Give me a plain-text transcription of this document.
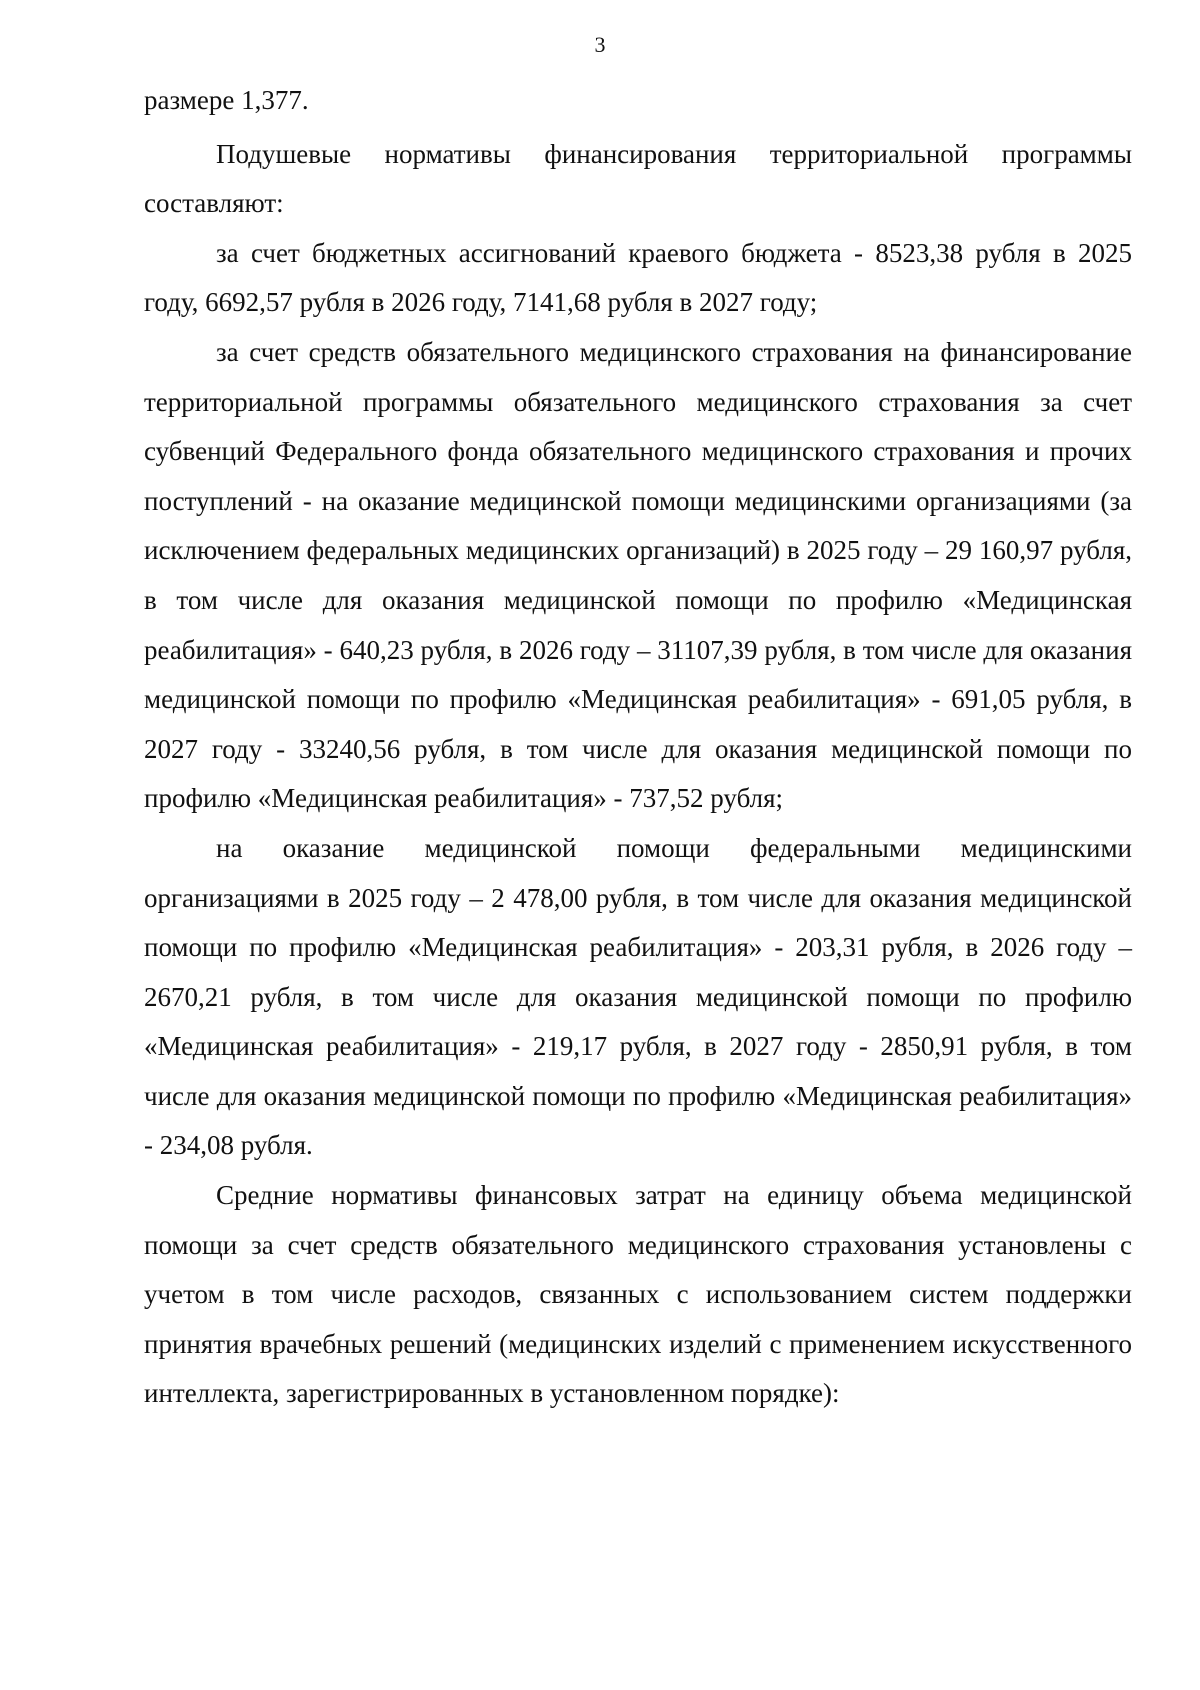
3

размере 1,377.

Подушевые нормативы финансирования территориальной программы составляют:

за счет бюджетных ассигнований краевого бюджета - 8523,38 рубля в 2025 году, 6692,57 рубля в 2026 году, 7141,68 рубля в 2027 году;

за счет средств обязательного медицинского страхования на финансирование территориальной программы обязательного медицинского страхования за счет субвенций Федерального фонда обязательного медицинского страхования и прочих поступлений - на оказание медицинской помощи медицинскими организациями (за исключением федеральных медицинских организаций) в 2025 году – 29 160,97 рубля, в том числе для оказания медицинской помощи по профилю «Медицинская реабилитация» - 640,23 рубля, в 2026 году – 31107,39 рубля, в том числе для оказания медицинской помощи по профилю «Медицинская реабилитация» - 691,05 рубля, в 2027 году - 33240,56 рубля, в том числе для оказания медицинской помощи по профилю «Медицинская реабилитация» - 737,52 рубля;

на оказание медицинской помощи федеральными медицинскими организациями в 2025 году – 2 478,00 рубля, в том числе для оказания медицинской помощи по профилю «Медицинская реабилитация» - 203,31 рубля, в 2026 году – 2670,21 рубля, в том числе для оказания медицинской помощи по профилю «Медицинская реабилитация» - 219,17 рубля, в 2027 году - 2850,91 рубля, в том числе для оказания медицинской помощи по профилю «Медицинская реабилитация» - 234,08 рубля.

Средние нормативы финансовых затрат на единицу объема медицинской помощи за счет средств обязательного медицинского страхования установлены с учетом в том числе расходов, связанных с использованием систем поддержки принятия врачебных решений (медицинских изделий с применением искусственного интеллекта, зарегистрированных в установленном порядке):
